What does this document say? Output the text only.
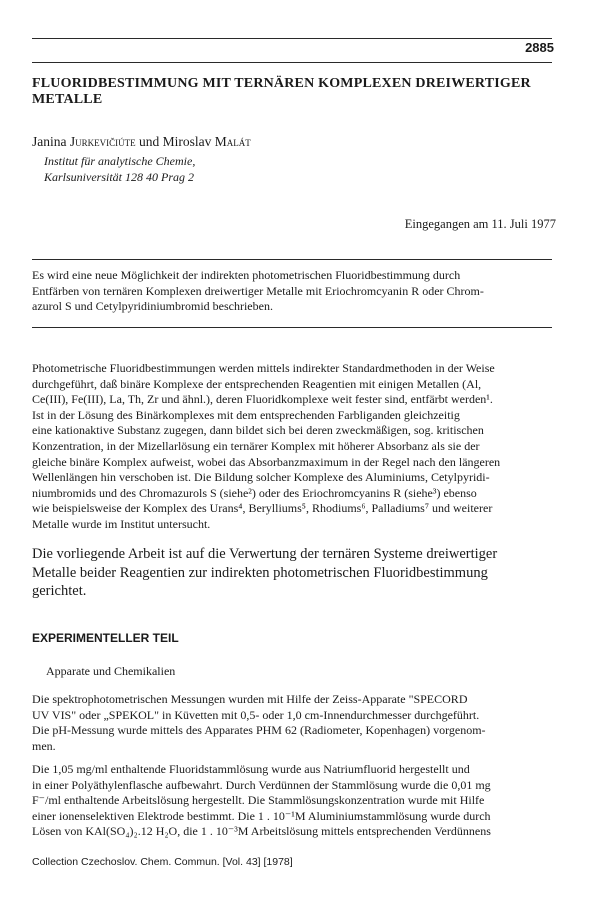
2885
FLUORIDBESTIMMUNG MIT TERNÄREN KOMPLEXEN DREIWERTIGER METALLE
Janina Jurkevičiúte und Miroslav Malát
Institut für analytische Chemie,
Karlsuniversität 128 40 Prag 2
Eingegangen am 11. Juli 1977
Es wird eine neue Möglichkeit der indirekten photometrischen Fluoridbestimmung durch
Entfärben von ternären Komplexen dreiwertiger Metalle mit Eriochromcyanin R oder Chrom-
azurol S und Cetylpyridiniumbromid beschrieben.
Photometrische Fluoridbestimmungen werden mittels indirekter Standardmethoden in der Weise
durchgeführt, daß binäre Komplexe der entsprechenden Reagentien mit einigen Metallen (Al,
Ce(III), Fe(III), La, Th, Zr und ähnl.), deren Fluoridkomplexe weit fester sind, entfärbt werden¹.
Ist in der Lösung des Binärkomplexes mit dem entsprechenden Farbliganden gleichzeitig
eine kationaktive Substanz zugegen, dann bildet sich bei deren zweckmäßigen, sog. kritischen
Konzentration, in der Mizellarlösung ein ternärer Komplex mit höherer Absorbanz als sie der
gleiche binäre Komplex aufweist, wobei das Absorbanzmaximum in der Regel nach den längeren
Wellenlängen hin verschoben ist. Die Bildung solcher Komplexe des Aluminiums, Cetylpyridi-
niumbromids und des Chromazurols S (siehe²) oder des Eriochromcyanins R (siehe³) ebenso
wie beispielsweise der Komplex des Urans⁴, Berylliums⁵, Rhodiums⁶, Palladiums⁷ und weiterer
Metalle wurde im Institut untersucht.
Die vorliegende Arbeit ist auf die Verwertung der ternären Systeme dreiwertiger
Metalle beider Reagentien zur indirekten photometrischen Fluoridbestimmung
gerichtet.
EXPERIMENTELLER TEIL
Apparate und Chemikalien
Die spektrophotometrischen Messungen wurden mit Hilfe der Zeiss-Apparate "SPECORD
UV VIS" oder „SPEKOL" in Küvetten mit 0,5- oder 1,0 cm-Innendurchmesser durchgeführt.
Die pH-Messung wurde mittels des Apparates PHM 62 (Radiometer, Kopenhagen) vorgenom-
men.
Die 1,05 mg/ml enthaltende Fluoridstammlösung wurde aus Natriumfluorid hergestellt und
in einer Polyäthylenflasche aufbewahrt. Durch Verdünnen der Stammlösung wurde die 0,01 mg
F⁻/ml enthaltende Arbeitslösung hergestellt. Die Stammlösungskonzentration wurde mit Hilfe
einer ionenselektiven Elektrode bestimmt. Die 1 . 10⁻¹M Aluminiumstammlösung wurde durch
Lösen von KAl(SO₄)₂.12 H₂O, die 1 . 10⁻³M Arbeitslösung mittels entsprechenden Verdünnens
Collection Czechoslov. Chem. Commun. [Vol. 43] [1978]
